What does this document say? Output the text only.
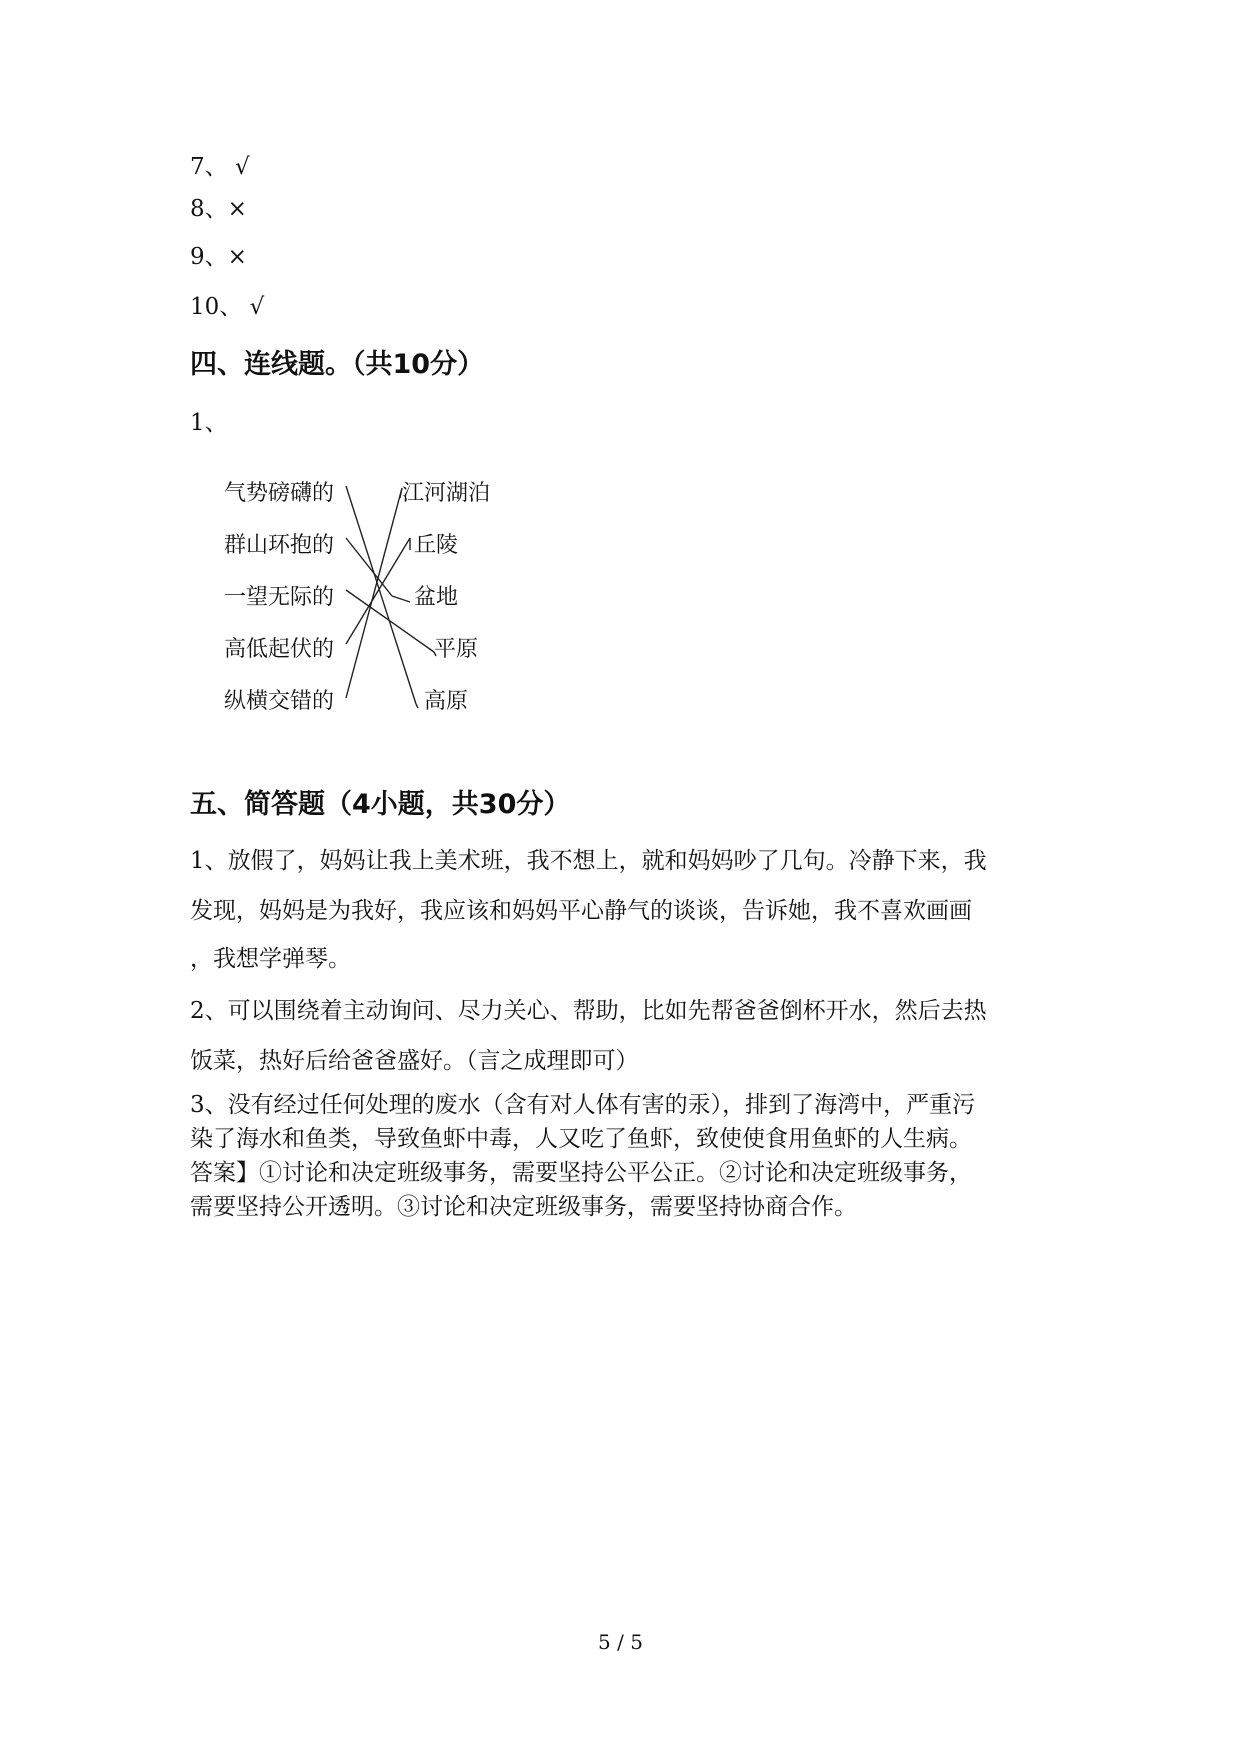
7、 √
8、×
9、×
10、 √
四、连线题。（共10分）
1、
气势磅礴的
群山环抱的
一望无际的
高低起伏的
纵横交错的
江河湖泊
丘陵
盆地
平原
高原
五、简答题（4小题，共30分）
1、放假了，妈妈让我上美术班，我不想上，就和妈妈吵了几句。冷静下来，我
发现，妈妈是为我好，我应该和妈妈平心静气的谈谈，告诉她，我不喜欢画画
，我想学弹琴。
2、可以围绕着主动询问、尽力关心、帮助，比如先帮爸爸倒杯开水，然后去热
饭菜，热好后给爸爸盛好。（言之成理即可）
3、没有经过任何处理的废水（含有对人体有害的汞），排到了海湾中，严重污
染了海水和鱼类，导致鱼虾中毒，人又吃了鱼虾，致使使食用鱼虾的人生病。
答案】①讨论和决定班级事务，需要坚持公平公正。②讨论和决定班级事务，
需要坚持公开透明。③讨论和决定班级事务，需要坚持协商合作。
5 / 5
